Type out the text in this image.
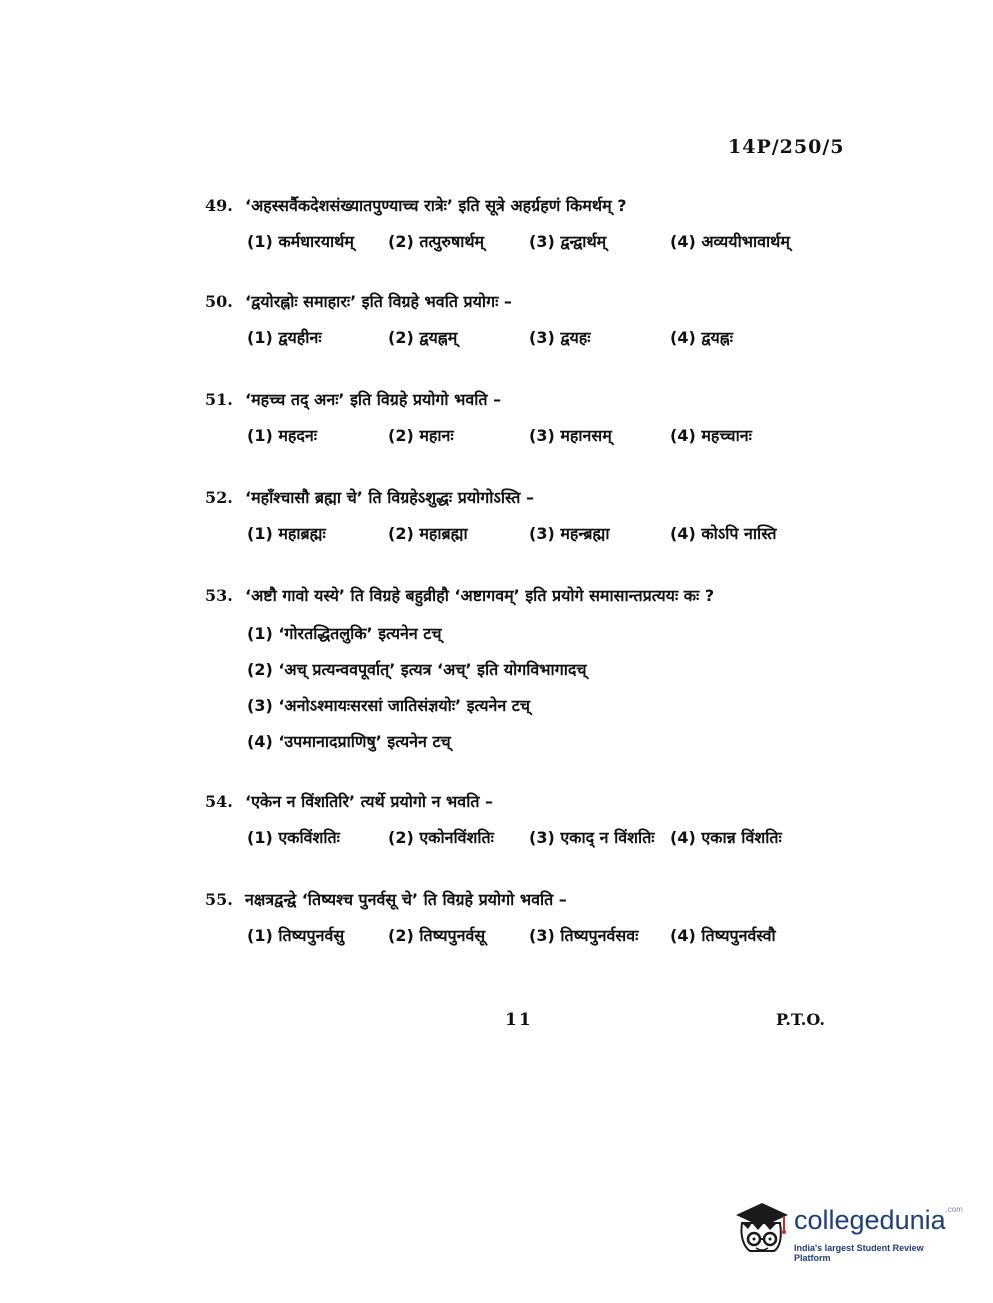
14P/250/5
49. ‘अहस्सर्वैकदेशसंख्यातपुण्याच्च रात्रेः’ इति सूत्रे अहर्ग्रहणं किमर्थम् ?
(1) कर्मधारयार्थम्	(2) तत्पुरुषार्थम्	(3) द्वन्द्वार्थम्	(4) अव्ययीभावार्थम्
50. ‘द्वयोरह्नोः समाहारः’ इति विग्रहे भवति प्रयोगः –
(1) द्वयहीनः	(2) द्वयह्नम्	(3) द्वयहः	(4) द्वयह्नः
51. ‘महच्च तद् अनः’ इति विग्रहे प्रयोगो भवति –
(1) महदनः	(2) महानः	(3) महानसम्	(4) महच्चानः
52. ‘महाँश्चासौ ब्रह्मा चे’ ति विग्रहेऽशुद्धः प्रयोगोऽस्ति –
(1) महाब्रह्मः	(2) महाब्रह्मा	(3) महन्ब्रह्मा	(4) कोऽपि नास्ति
53. ‘अष्टौ गावो यस्ये’ ति विग्रहे बहुव्रीहौ ‘अष्टागवम्’ इति प्रयोगे समासान्तप्रत्ययः कः ?
(1) ‘गोरतद्धितलुकि’ इत्यनेन टच्
(2) ‘अच् प्रत्यन्ववपूर्वात्’ इत्यत्र ‘अच्’ इति योगविभागादच्
(3) ‘अनोऽश्मायःसरसां जातिसंज्ञयोः’ इत्यनेन टच्
(4) ‘उपमानादप्राणिषु’ इत्यनेन टच्
54. ‘एकेन न विंशतिरि’ त्यर्थे प्रयोगो न भवति –
(1) एकविंशतिः	(2) एकोनविंशतिः	(3) एकाद् न विंशतिः (4) एकान्न विंशतिः
55. नक्षत्रद्वन्द्वे ‘तिष्यश्च पुनर्वसू चे’ ति विग्रहे प्रयोगो भवति –
(1) तिष्यपुनर्वसु	(2) तिष्यपुनर्वसू	(3) तिष्यपुनर्वसवः	(4) तिष्यपुनर्वस्वौ
11	P.T.O.
collegedunia$^{.com}$
India's largest Student Review Platform
